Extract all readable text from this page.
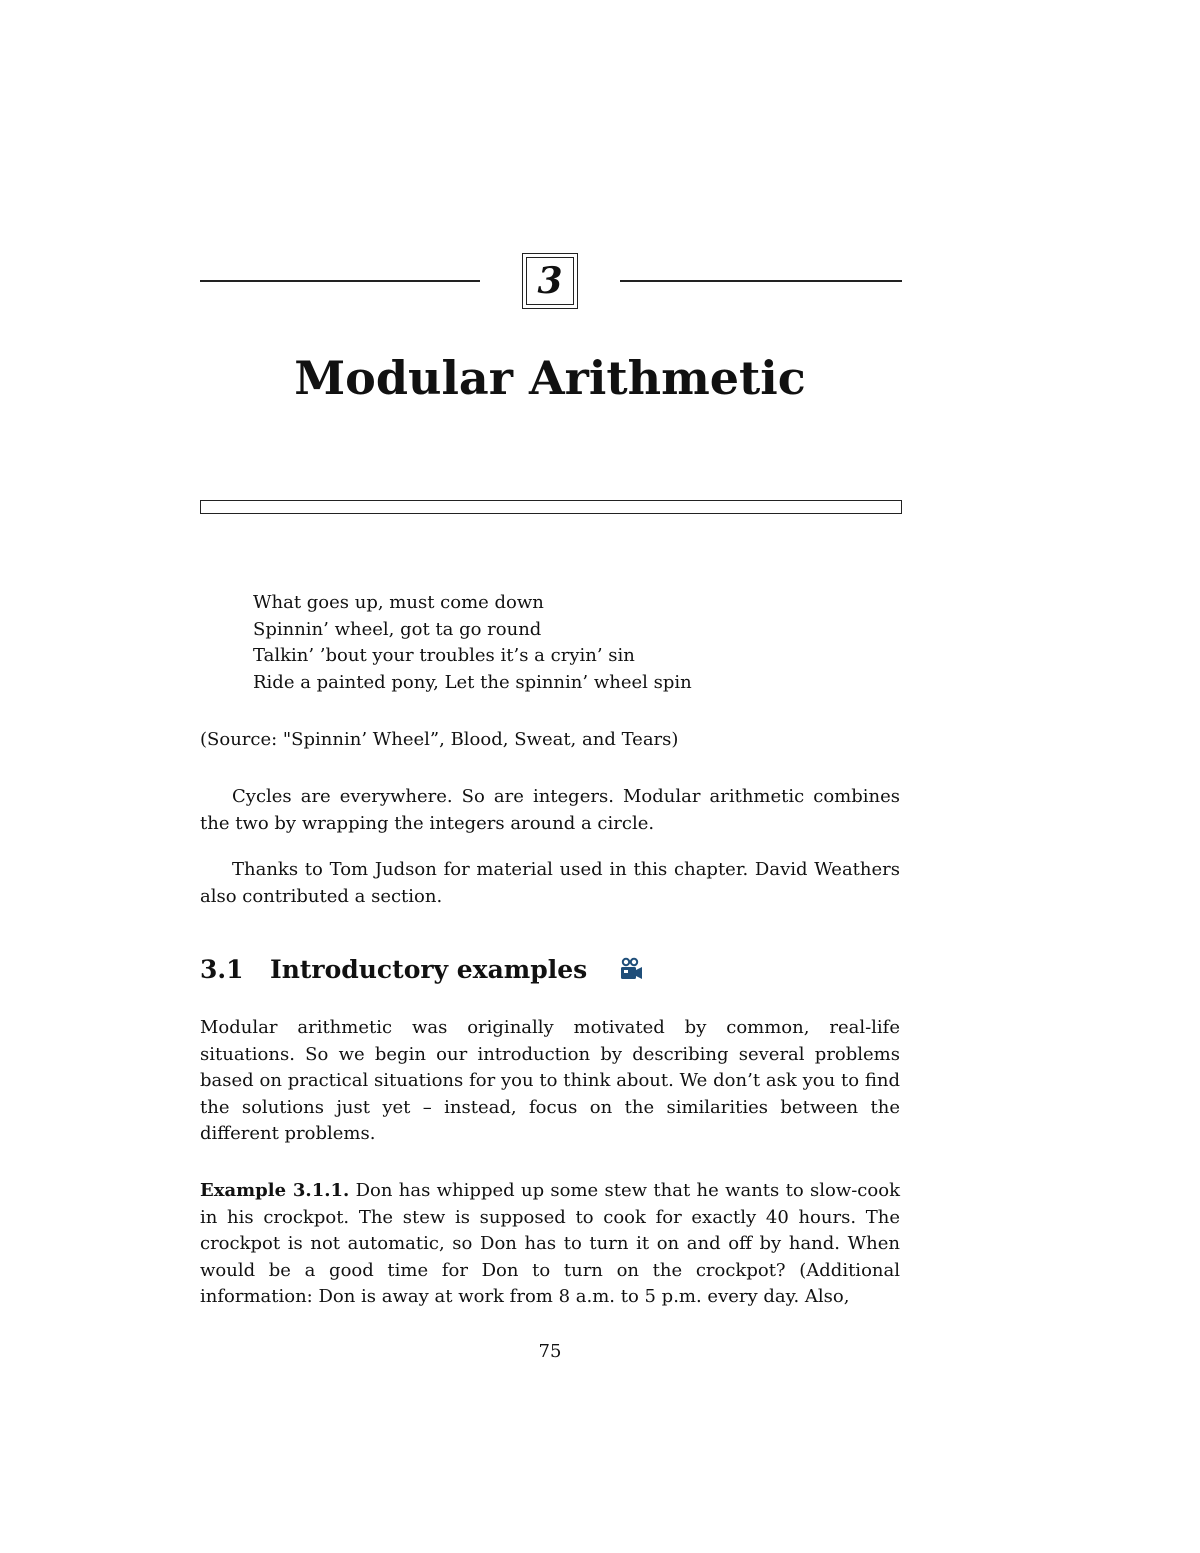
3
Modular Arithmetic
What goes up, must come down
Spinnin’ wheel, got ta go round
Talkin’ ’bout your troubles it’s a cryin’ sin
Ride a painted pony, Let the spinnin’ wheel spin
(Source: "Spinnin’ Wheel”, Blood, Sweat, and Tears)

Cycles are everywhere. So are integers. Modular arithmetic combines the two by wrapping the integers around a circle.

Thanks to Tom Judson for material used in this chapter. David Weathers also contributed a section.

3.1	Introductory examples

Modular arithmetic was originally motivated by common, real-life situations. So we begin our introduction by describing several problems based on practical situations for you to think about. We don’t ask you to find the solutions just yet – instead, focus on the similarities between the different problems.

Example 3.1.1. Don has whipped up some stew that he wants to slow-cook in his crockpot. The stew is supposed to cook for exactly 40 hours. The crockpot is not automatic, so Don has to turn it on and off by hand. When would be a good time for Don to turn on the crockpot? (Additional information: Don is away at work from 8 a.m. to 5 p.m. every day. Also,

75
